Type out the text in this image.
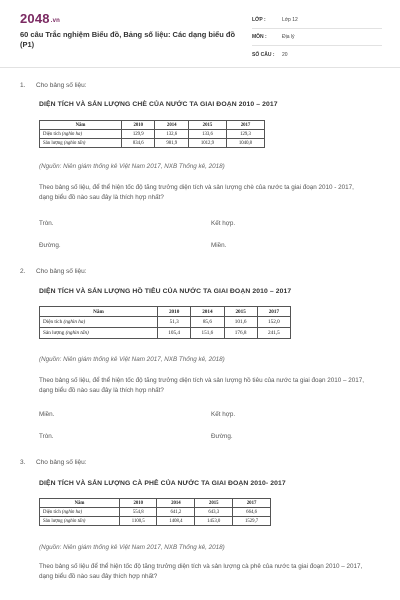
2048.vn
60 câu Trắc nghiệm Biểu đồ, Bảng số liệu: Các dạng biểu đồ (P1)
LỚP :	Lớp 12
MÔN :	Địa lý
SỐ CÂU :	20
1. Cho bảng số liệu:
DIỆN TÍCH VÀ SẢN LƯỢNG CHÈ CỦA NƯỚC TA GIAI ĐOẠN 2010 – 2017
Năm	2010	2014	2015	2017
Diện tích (nghìn ha)	129,9	132,6	133,6	129,3
Sản lượng (nghìn tấn)	834,6	981,9	1012,9	1040,8
(Nguồn: Niên giám thống kê Việt Nam 2017, NXB Thống kê, 2018)
Theo bảng số liệu, để thể hiện tốc độ tăng trưởng diện tích và sản lượng chè của nước ta giai đoạn 2010 - 2017, dạng biểu đồ nào sau đây là thích hợp nhất?
Tròn.	Kết hợp.
Đường.	Miền.
2. Cho bảng số liệu:
DIỆN TÍCH VÀ SẢN LƯỢNG HỒ TIÊU CỦA NƯỚC TA GIAI ĐOẠN 2010 – 2017
Năm	2010	2014	2015	2017
Diện tích (nghìn ha)	51,3	85,6	101,6	152,0
Sản lượng (nghìn tấn)	105,4	151,6	176,8	241,5
(Nguồn: Niên giám thống kê Việt Nam 2017, NXB Thống kê, 2018)
Theo bảng số liệu, để thể hiện tốc độ tăng trưởng diện tích và sản lượng hồ tiêu của nước ta giai đoạn 2010 – 2017, dạng biểu đồ nào sau đây là thích hợp nhất?
Miền.	Kết hợp.
Tròn.	Đường.
3. Cho bảng số liệu:
DIỆN TÍCH VÀ SẢN LƯỢNG CÀ PHÊ CỦA NƯỚC TA GIAI ĐOẠN 2010- 2017
Năm	2010	2014	2015	2017
Diện tích (nghìn ha)	554,8	641,2	643,3	664,6
Sản lượng (nghìn tấn)	1100,5	1408,4	1453,0	1529,7
(Nguồn: Niên giám thống kê Việt Nam 2017, NXB Thống kê, 2018)
Theo bảng số liệu để thể hiện tốc độ tăng trưởng diện tích và sản lượng cà phê của nước ta giai đoạn 2010 – 2017, dạng biểu đồ nào sau đây thích hợp nhất?
